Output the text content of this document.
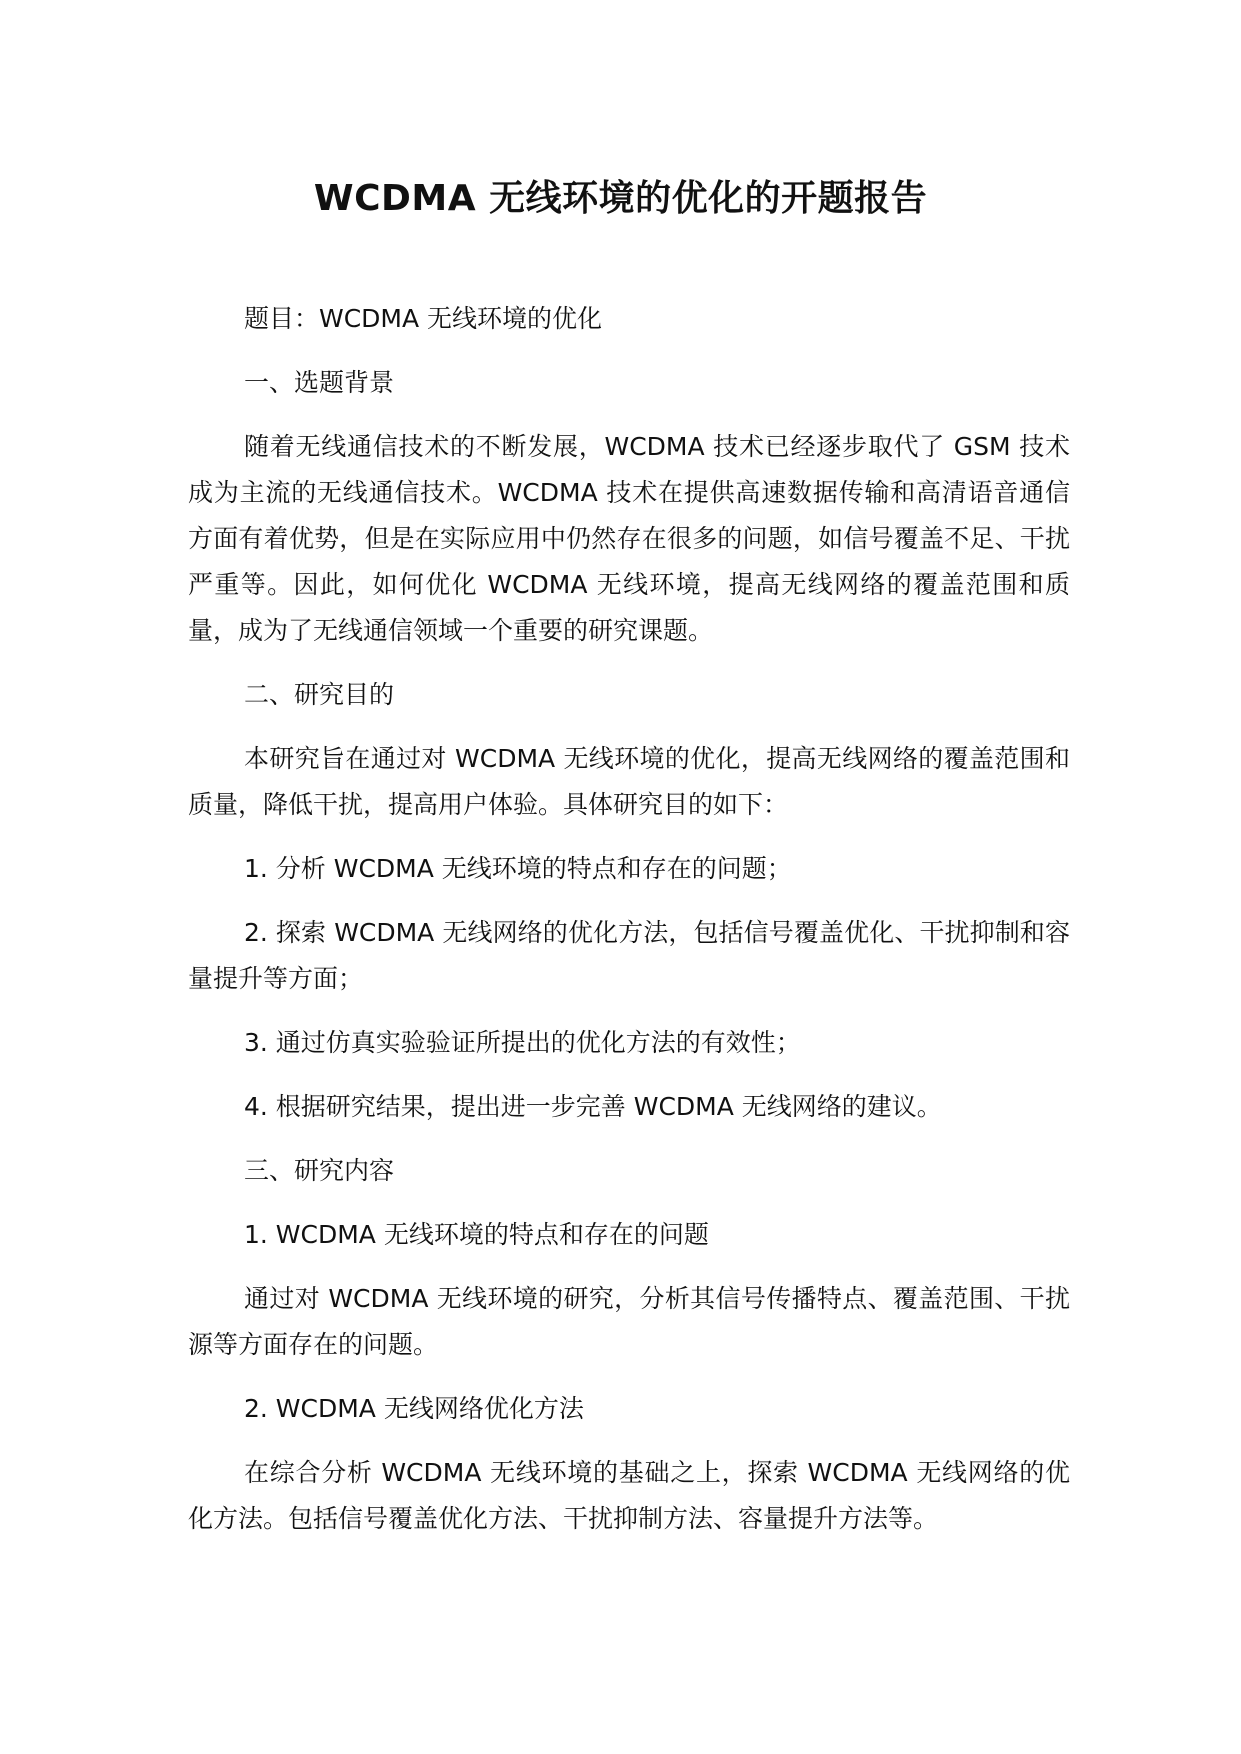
WCDMA 无线环境的优化的开题报告

题目：WCDMA 无线环境的优化

一、选题背景

随着无线通信技术的不断发展，WCDMA 技术已经逐步取代了 GSM 技术成为主流的无线通信技术。WCDMA 技术在提供高速数据传输和高清语音通信方面有着优势，但是在实际应用中仍然存在很多的问题，如信号覆盖不足、干扰严重等。因此，如何优化 WCDMA 无线环境，提高无线网络的覆盖范围和质量，成为了无线通信领域一个重要的研究课题。

二、研究目的

本研究旨在通过对 WCDMA 无线环境的优化，提高无线网络的覆盖范围和质量，降低干扰，提高用户体验。具体研究目的如下：

1. 分析 WCDMA 无线环境的特点和存在的问题；

2. 探索 WCDMA 无线网络的优化方法，包括信号覆盖优化、干扰抑制和容量提升等方面；

3. 通过仿真实验验证所提出的优化方法的有效性；

4. 根据研究结果，提出进一步完善 WCDMA 无线网络的建议。

三、研究内容

1. WCDMA 无线环境的特点和存在的问题

通过对 WCDMA 无线环境的研究，分析其信号传播特点、覆盖范围、干扰源等方面存在的问题。

2. WCDMA 无线网络优化方法

在综合分析 WCDMA 无线环境的基础之上，探索 WCDMA 无线网络的优化方法。包括信号覆盖优化方法、干扰抑制方法、容量提升方法等。
